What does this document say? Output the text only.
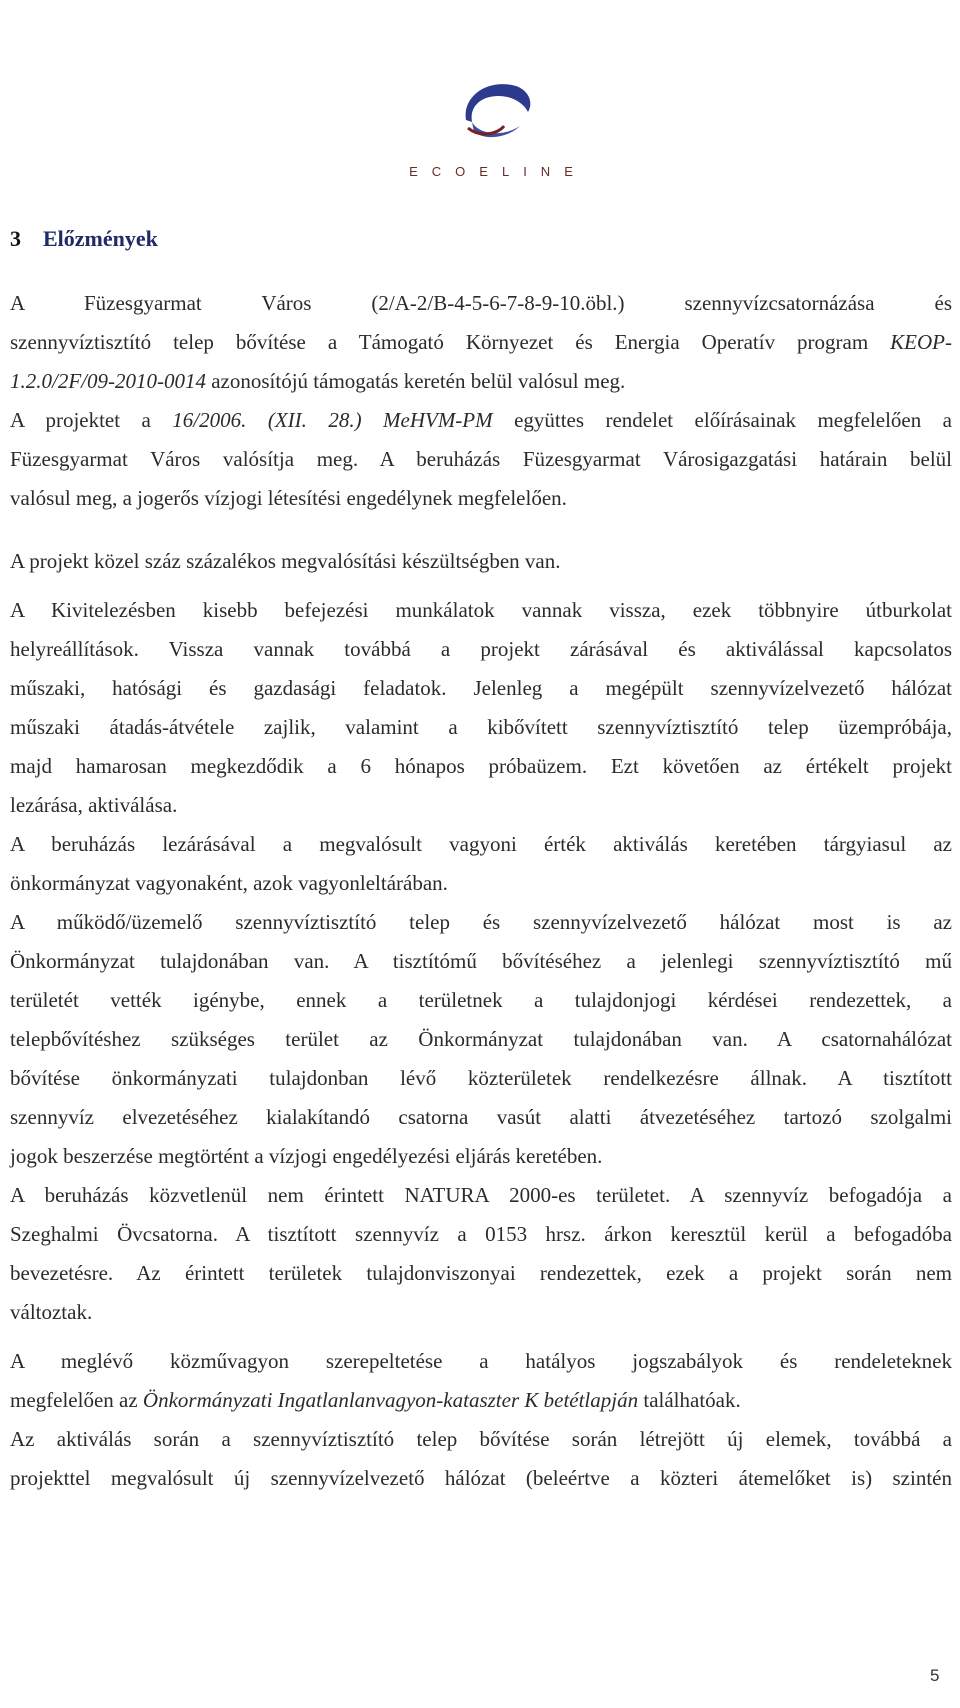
ECOELINE
3 Előzmények
A Füzesgyarmat Város (2/A-2/B-4-5-6-7-8-9-10.öbl.) szennyvízcsatornázása és
szennyvíztisztító telep bővítése a Támogató Környezet és Energia Operatív program KEOP-
1.2.0/2F/09-2010-0014 azonosítójú támogatás keretén belül valósul meg.
A projektet a 16/2006. (XII. 28.) MeHVM-PM együttes rendelet előírásainak megfelelően a
Füzesgyarmat Város valósítja meg. A beruházás Füzesgyarmat Városigazgatási határain belül
valósul meg, a jogerős vízjogi létesítési engedélynek megfelelően.
A projekt közel száz százalékos megvalósítási készültségben van.
A Kivitelezésben kisebb befejezési munkálatok vannak vissza, ezek többnyire útburkolat
helyreállítások. Vissza vannak továbbá a projekt zárásával és aktiválással kapcsolatos
műszaki, hatósági és gazdasági feladatok. Jelenleg a megépült szennyvízelvezető hálózat
műszaki átadás-átvétele zajlik, valamint a kibővített szennyvíztisztító telep üzempróbája,
majd hamarosan megkezdődik a 6 hónapos próbaüzem. Ezt követően az értékelt projekt
lezárása, aktiválása.
A beruházás lezárásával a megvalósult vagyoni érték aktiválás keretében tárgyiasul az
önkormányzat vagyonaként, azok vagyonleltárában.
A működő/üzemelő szennyvíztisztító telep és szennyvízelvezető hálózat most is az
Önkormányzat tulajdonában van. A tisztítómű bővítéséhez a jelenlegi szennyvíztisztító mű
területét vették igénybe, ennek a területnek a tulajdonjogi kérdései rendezettek, a
telepbővítéshez szükséges terület az Önkormányzat tulajdonában van. A csatornahálózat
bővítése önkormányzati tulajdonban lévő közterületek rendelkezésre állnak. A tisztított
szennyvíz elvezetéséhez kialakítandó csatorna vasút alatti átvezetéséhez tartozó szolgalmi
jogok beszerzése megtörtént a vízjogi engedélyezési eljárás keretében.
A beruházás közvetlenül nem érintett NATURA 2000-es területet. A szennyvíz befogadója a
Szeghalmi Övcsatorna. A tisztított szennyvíz a 0153 hrsz. árkon keresztül kerül a befogadóba
bevezetésre. Az érintett területek tulajdonviszonyai rendezettek, ezek a projekt során nem
változtak.
A meglévő közművagyon szerepeltetése a hatályos jogszabályok és rendeleteknek
megfelelően az Önkormányzati Ingatlanlanvagyon-kataszter K betétlapján találhatóak.
Az aktiválás során a szennyvíztisztító telep bővítése során létrejött új elemek, továbbá a
projekttel megvalósult új szennyvízelvezető hálózat (beleértve a közteri átemelőket is) szintén
5
